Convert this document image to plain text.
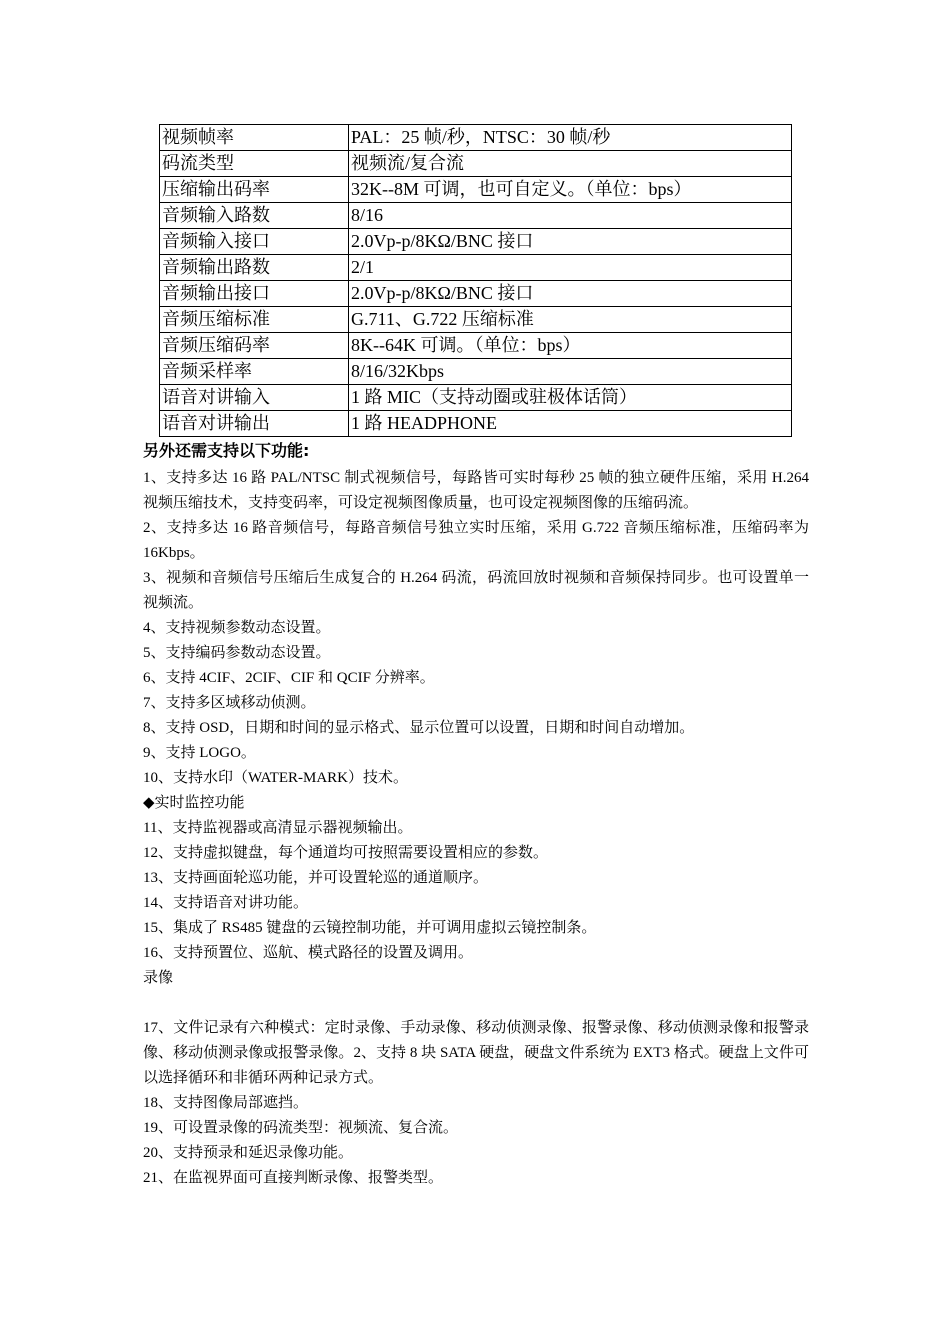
视频帧率	PAL：25 帧/秒，NTSC：30 帧/秒
码流类型	视频流/复合流
压缩输出码率	32K--8M 可调，也可自定义。（单位：bps）
音频输入路数	8/16
音频输入接口	2.0Vp-p/8KΩ/BNC 接口
音频输出路数	2/1
音频输出接口	2.0Vp-p/8KΩ/BNC 接口
音频压缩标准	G.711、G.722 压缩标准
音频压缩码率	8K--64K 可调。（单位：bps）
音频采样率	8/16/32Kbps
语音对讲输入	1 路 MIC（支持动圈或驻极体话筒）
语音对讲输出	1 路 HEADPHONE

另外还需支持以下功能:

1、支持多达 16 路 PAL/NTSC 制式视频信号，每路皆可实时每秒 25 帧的独立硬件压缩，采用 H.264 视频压缩技术，支持变码率，可设定视频图像质量，也可设定视频图像的压缩码流。

2、支持多达 16 路音频信号，每路音频信号独立实时压缩，采用 G.722 音频压缩标准，压缩码率为 16Kbps。

3、视频和音频信号压缩后生成复合的 H.264 码流，码流回放时视频和音频保持同步。也可设置单一视频流。

4、支持视频参数动态设置。

5、支持编码参数动态设置。

6、支持 4CIF、2CIF、CIF 和 QCIF 分辨率。

7、支持多区域移动侦测。

8、支持 OSD，日期和时间的显示格式、显示位置可以设置，日期和时间自动增加。

9、支持 LOGO。

10、支持水印（WATER-MARK）技术。

◆实时监控功能

11、支持监视器或高清显示器视频输出。

12、支持虚拟键盘，每个通道均可按照需要设置相应的参数。

13、支持画面轮巡功能，并可设置轮巡的通道顺序。

14、支持语音对讲功能。

15、集成了 RS485 键盘的云镜控制功能，并可调用虚拟云镜控制条。

16、支持预置位、巡航、模式路径的设置及调用。

录像

17、文件记录有六种模式：定时录像、手动录像、移动侦测录像、报警录像、移动侦测录像和报警录像、移动侦测录像或报警录像。2、支持 8 块 SATA 硬盘，硬盘文件系统为 EXT3 格式。硬盘上文件可以选择循环和非循环两种记录方式。

18、支持图像局部遮挡。

19、可设置录像的码流类型：视频流、复合流。

20、支持预录和延迟录像功能。

21、在监视界面可直接判断录像、报警类型。
